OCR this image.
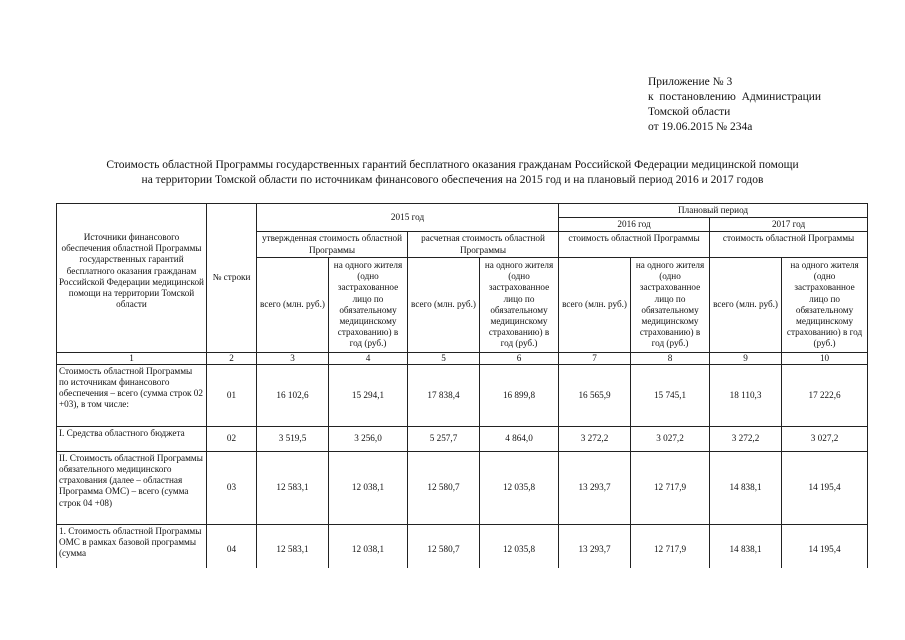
Приложение № 3
к  постановлению  Администрации
Томской области
от 19.06.2015 № 234а
Стоимость областной Программы государственных гарантий бесплатного оказания гражданам Российской Федерации медицинской помощи
на территории Томской области по источникам финансового обеспечения на 2015 год и на плановый период 2016 и 2017 годов
Источники финансового обеспечения областной Программы государственных гарантий бесплатного оказания гражданам Российской Федерации медицинской помощи на территории Томской области	№ строки	2015 год				Плановый период			
						2016 год		2017 год	
		утвержденная стоимость областной Программы		расчетная стоимость областной Программы		стоимость областной Программы		стоимость областной Программы	
		всего (млн. руб.)	на одного жителя (одно застрахованное лицо по обязательному медицинскому страхованию) в год (руб.)	всего (млн. руб.)	на одного жителя (одно застрахованное лицо по обязательному медицинскому страхованию) в год (руб.)	всего (млн. руб.)	на одного жителя (одно застрахованное лицо по обязательному медицинскому страхованию) в год (руб.)	всего (млн. руб.)	на одного жителя (одно застрахованное лицо по обязательному медицинскому страхованию) в год (руб.)
1	2	3	4	5	6	7	8	9	10
Стоимость областной Программы по источникам финансового обеспечения – всего (сумма строк 02 +03), в том числе:	01	16 102,6	15 294,1	17 838,4	16 899,8	16 565,9	15 745,1	18 110,3	17 222,6
I. Средства областного бюджета	02	3 519,5	3 256,0	5 257,7	4 864,0	3 272,2	3 027,2	3 272,2	3 027,2
II. Стоимость областной Программы обязательного медицинского страхования (далее – областная Программа ОМС) – всего (сумма строк 04 +08)	03	12 583,1	12 038,1	12 580,7	12 035,8	13 293,7	12 717,9	14 838,1	14 195,4
1. Стоимость областной Программы ОМС в рамках базовой программы (сумма	04	12 583,1	12 038,1	12 580,7	12 035,8	13 293,7	12 717,9	14 838,1	14 195,4
